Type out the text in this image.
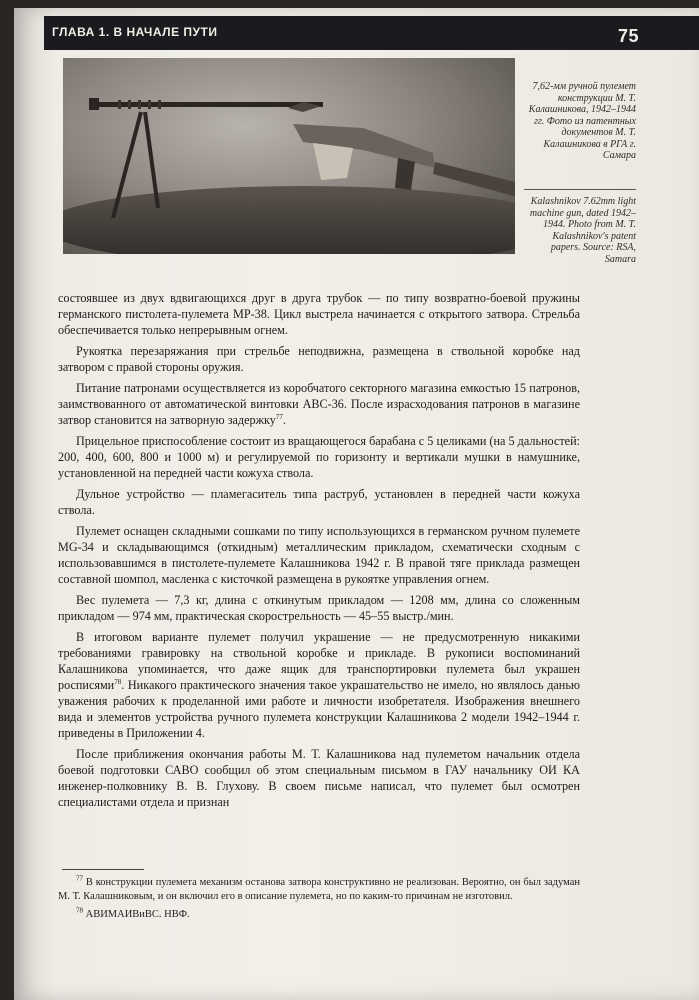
ГЛАВА 1. В НАЧАЛЕ ПУТИ	75
7,62-мм ручной пулемет конструкции М. Т. Калашникова, 1942–1944 гг. Фото из патентных документов М. Т. Калашникова в РГА г. Самара
Kalashnikov 7.62mm light machine gun, dated 1942–1944. Photo from M. T. Kalashnikov's patent papers. Source: RSA, Samara

состоявшее из двух вдвигающихся друг в друга трубок — по типу возвратно-боевой пружины германского пистолета-пулемета МР-38. Цикл выстрела начинается с открытого затвора. Стрельба обеспечивается только непрерывным огнем.

Рукоятка перезаряжания при стрельбе неподвижна, размещена в ствольной коробке над затвором с правой стороны оружия.

Питание патронами осуществляется из коробчатого секторного магазина емкостью 15 патронов, заимствованного от автоматической винтовки АВС-36. После израсходования патронов в магазине затвор становится на затворную задержку$^{77}$.

Прицельное приспособление состоит из вращающегося барабана с 5 целиками (на 5 дальностей: 200, 400, 600, 800 и 1000 м) и регулируемой по горизонту и вертикали мушки в намушнике, установленной на передней части кожуха ствола.

Дульное устройство — пламегаситель типа раструб, установлен в передней части кожуха ствола.

Пулемет оснащен складными сошками по типу использующихся в германском ручном пулемете MG-34 и складывающимся (откидным) металлическим прикладом, схематически сходным с использовавшимся в пистолете-пулемете Калашникова 1942 г. В правой тяге приклада размещен составной шомпол, масленка с кисточкой размещена в рукоятке управления огнем.

Вес пулемета — 7,3 кг, длина с откинутым прикладом — 1208 мм, длина со сложенным прикладом — 974 мм, практическая скорострельность — 45–55 выстр./мин.

В итоговом варианте пулемет получил украшение — не предусмотренную никакими требованиями гравировку на ствольной коробке и прикладе. В рукописи воспоминаний Калашникова упоминается, что даже ящик для транспортировки пулемета был украшен росписями$^{78}$. Никакого практического значения такое украшательство не имело, но являлось данью уважения рабочих к проделанной ими работе и личности изобретателя. Изображения внешнего вида и элементов устройства ручного пулемета конструкции Калашникова 2 модели 1942–1944 г. приведены в Приложении 4.

После приближения окончания работы М. Т. Калашникова над пулеметом начальник отдела боевой подготовки САВО сообщил об этом специальным письмом в ГАУ начальнику ОИ КА инженер-полковнику В. В. Глухову. В своем письме написал, что пулемет был осмотрен специалистами отдела и признан

$^{77}$ В конструкции пулемета механизм останова затвора конструктивно не реализован. Вероятно, он был задуман М. Т. Калашниковым, и он включил его в описание пулемета, но по каким-то причинам не изготовил.

$^{78}$ АВИМАИВиВС. НВФ.
